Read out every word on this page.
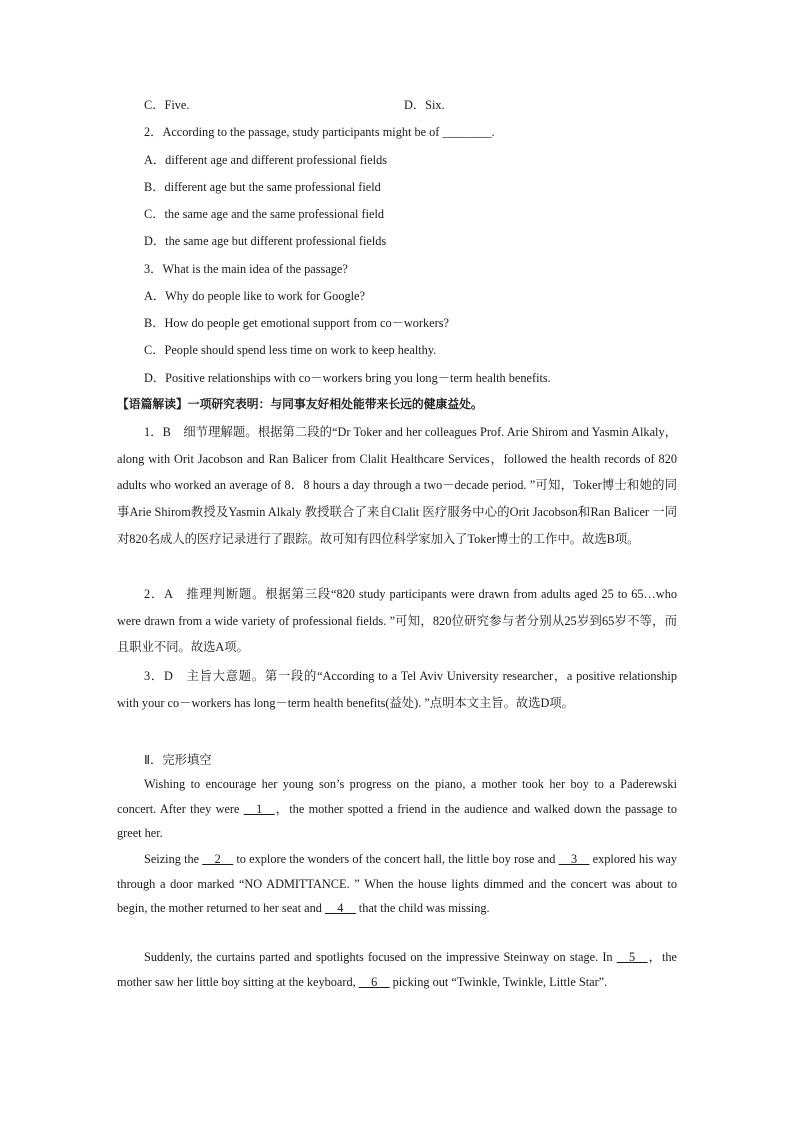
C．Five.	D．Six.
2．According to the passage, study participants might be of ________.
A．different age and different professional fields
B．different age but the same professional field
C．the same age and the same professional field
D．the same age but different professional fields
3．What is the main idea of the passage?
A．Why do people like to work for Google?
B．How do people get emotional support from co－workers?
C．People should spend less time on work to keep healthy.
D．Positive relationships with co－workers bring you long－term health benefits.
【语篇解读】一项研究表明：与同事友好相处能带来长远的健康益处。
1．B　细节理解题。根据第二段的“Dr Toker and her colleagues Prof. Arie Shirom and Yasmin Alkaly，along with Orit Jacobson and Ran Balicer from Clalit Healthcare Services，followed the health records of 820 adults who worked an average of 8．8 hours a day through a two－decade period. ”可知，Toker博士和她的同事Arie Shirom教授及Yasmin Alkaly 教授联合了来自Clalit 医疗服务中心的Orit Jacobson和Ran Balicer 一同对820名成人的医疗记录进行了跟踪。故可知有四位科学家加入了Toker博士的工作中。故选B项。
2．A　推理判断题。根据第三段“820 study participants were drawn from adults aged 25 to 65…who were drawn from a wide variety of professional fields. ”可知，820位研究参与者分别从25岁到65岁不等，而且职业不同。故选A项。
3．D　主旨大意题。第一段的“According to a Tel Aviv University researcher，a positive relationship with your co－workers has long－term health benefits(益处). ”点明本文主旨。故选D项。
Ⅱ．完形填空
Wishing to encourage her young son’s progress on the piano, a mother took her boy to a Paderewski concert. After they were __1__，the mother spotted a friend in the audience and walked down the passage to greet her.
Seizing the __2__ to explore the wonders of the concert hall, the little boy rose and __3__ explored his way through a door marked “NO ADMITTANCE. ” When the house lights dimmed and the concert was about to begin, the mother returned to her seat and __4__ that the child was missing.
Suddenly, the curtains parted and spotlights focused on the impressive Steinway on stage. In __5__，the mother saw her little boy sitting at the keyboard, __6__ picking out “Twinkle, Twinkle, Little Star”.
